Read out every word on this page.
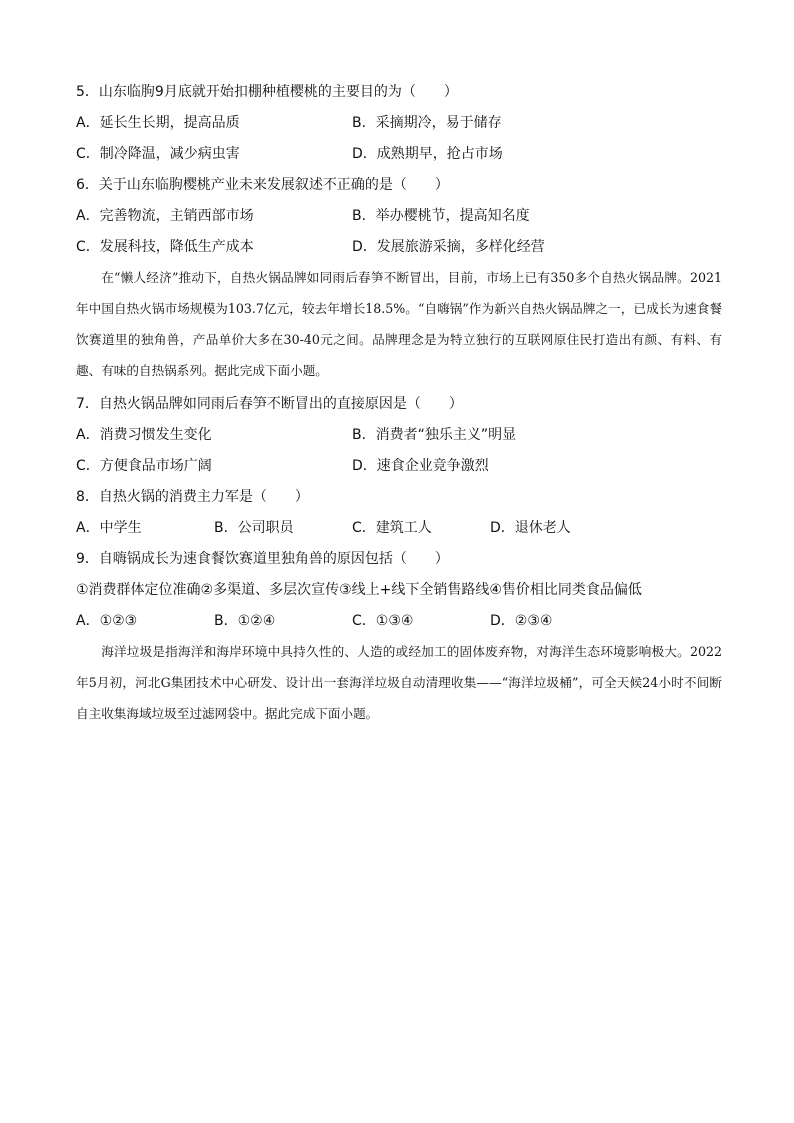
5．山东临朐9月底就开始扣棚种植樱桃的主要目的为（　　）
A．延长生长期，提高品质	B．采摘期冷，易于储存
C．制冷降温，减少病虫害	D．成熟期早，抢占市场
6．关于山东临朐樱桃产业未来发展叙述不正确的是（　　）
A．完善物流，主销西部市场	B．举办樱桃节，提高知名度
C．发展科技，降低生产成本	D．发展旅游采摘，多样化经营
在“懒人经济”推动下，自热火锅品牌如同雨后春笋不断冒出，目前，市场上已有350多个自热火锅品牌。2021年中国自热火锅市场规模为103.7亿元，较去年增长18.5%。“自嗨锅”作为新兴自热火锅品牌之一，已成长为速食餐饮赛道里的独角兽，产品单价大多在30-40元之间。品牌理念是为特立独行的互联网原住民打造出有颜、有料、有趣、有味的自热锅系列。据此完成下面小题。
7．自热火锅品牌如同雨后春笋不断冒出的直接原因是（　　）
A．消费习惯发生变化	B．消费者“独乐主义”明显
C．方便食品市场广阔	D．速食企业竞争激烈
8．自热火锅的消费主力军是（　　）
A．中学生	B．公司职员	C．建筑工人	D．退休老人
9．自嗨锅成长为速食餐饮赛道里独角兽的原因包括（　　）
①消费群体定位准确②多渠道、多层次宣传③线上+线下全销售路线④售价相比同类食品偏低
A．①②③	B．①②④	C．①③④	D．②③④
海洋垃圾是指海洋和海岸环境中具持久性的、人造的或经加工的固体废弃物，对海洋生态环境影响极大。2022年5月初，河北G集团技术中心研发、设计出一套海洋垃圾自动清理收集——“海洋垃圾桶”，可全天候24小时不间断自主收集海域垃圾至过滤网袋中。据此完成下面小题。
